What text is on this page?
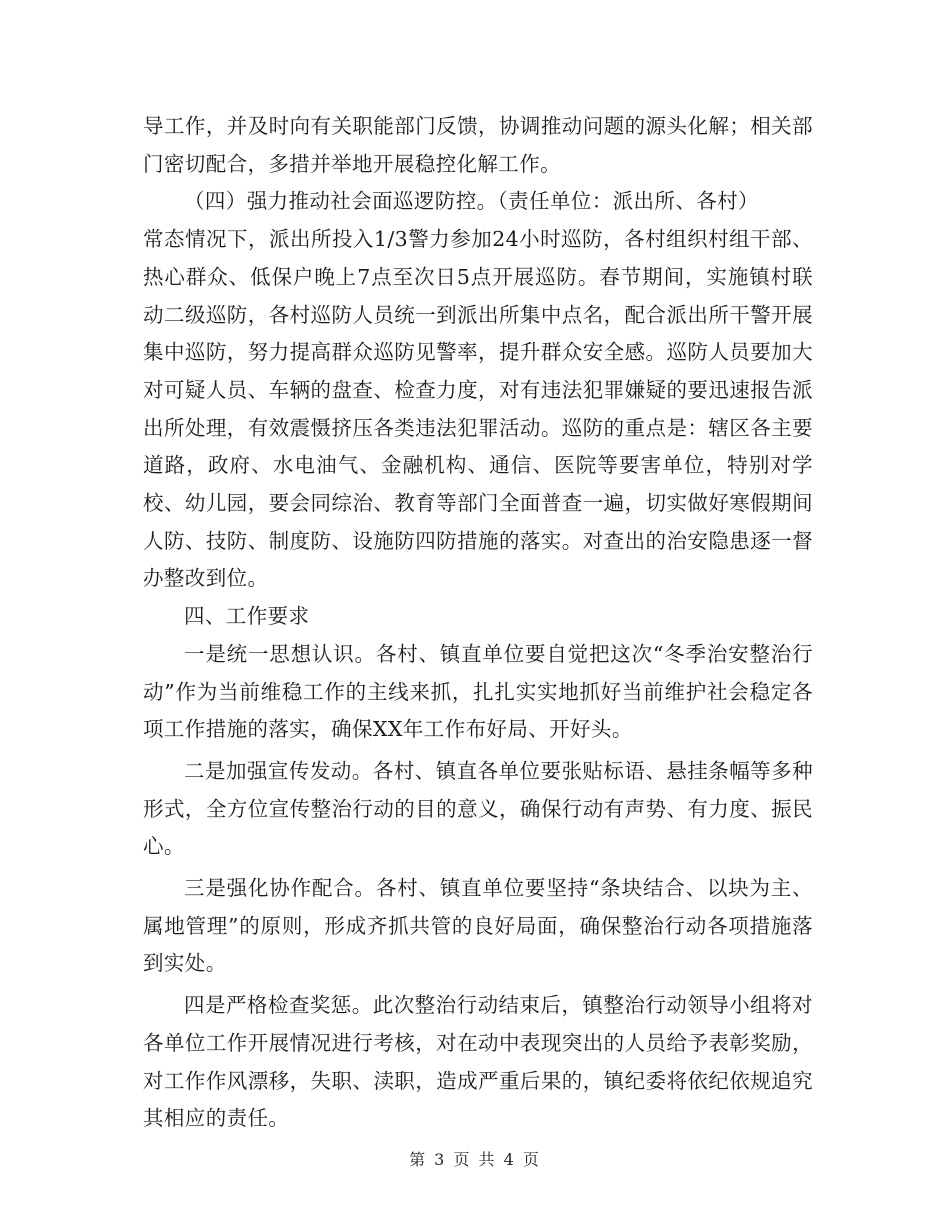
导工作，并及时向有关职能部门反馈，协调推动问题的源头化解；相关部门密切配合，多措并举地开展稳控化解工作。

（四）强力推动社会面巡逻防控。（责任单位：派出所、各村）

常态情况下，派出所投入1/3警力参加24小时巡防，各村组织村组干部、热心群众、低保户晚上7点至次日5点开展巡防。春节期间，实施镇村联动二级巡防，各村巡防人员统一到派出所集中点名，配合派出所干警开展集中巡防，努力提高群众巡防见警率，提升群众安全感。巡防人员要加大对可疑人员、车辆的盘查、检查力度，对有违法犯罪嫌疑的要迅速报告派出所处理，有效震慑挤压各类违法犯罪活动。巡防的重点是：辖区各主要道路，政府、水电油气、金融机构、通信、医院等要害单位，特别对学校、幼儿园，要会同综治、教育等部门全面普查一遍，切实做好寒假期间人防、技防、制度防、设施防四防措施的落实。对查出的治安隐患逐一督办整改到位。

四、工作要求

一是统一思想认识。各村、镇直单位要自觉把这次“冬季治安整治行动”作为当前维稳工作的主线来抓，扎扎实实地抓好当前维护社会稳定各项工作措施的落实，确保XX年工作布好局、开好头。

二是加强宣传发动。各村、镇直各单位要张贴标语、悬挂条幅等多种形式，全方位宣传整治行动的目的意义，确保行动有声势、有力度、振民心。

三是强化协作配合。各村、镇直单位要坚持“条块结合、以块为主、属地管理”的原则，形成齐抓共管的良好局面，确保整治行动各项措施落到实处。

四是严格检查奖惩。此次整治行动结束后，镇整治行动领导小组将对各单位工作开展情况进行考核，对在动中表现突出的人员给予表彰奖励，对工作作风漂移，失职、渎职，造成严重后果的，镇纪委将依纪依规追究其相应的责任。

第 3 页 共 4 页
